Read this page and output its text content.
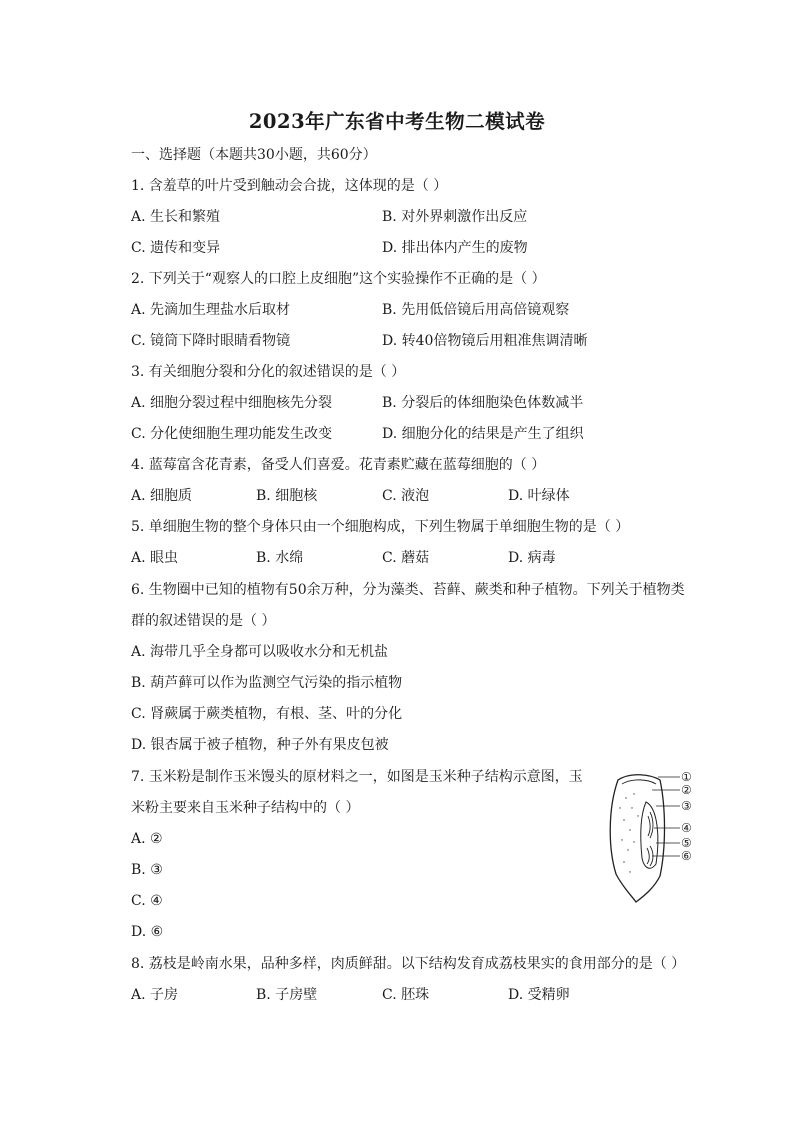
2023年广东省中考生物二模试卷
一、选择题（本题共30小题，共60分）
1. 含羞草的叶片受到触动会合拢，这体现的是（ ）
A. 生长和繁殖	B. 对外界刺激作出反应
C. 遗传和变异	D. 排出体内产生的废物
2. 下列关于“观察人的口腔上皮细胞”这个实验操作不正确的是（ ）
A. 先滴加生理盐水后取材	B. 先用低倍镜后用高倍镜观察
C. 镜筒下降时眼睛看物镜	D. 转40倍物镜后用粗准焦调清晰
3. 有关细胞分裂和分化的叙述错误的是（ ）
A. 细胞分裂过程中细胞核先分裂	B. 分裂后的体细胞染色体数减半
C. 分化使细胞生理功能发生改变	D. 细胞分化的结果是产生了组织
4. 蓝莓富含花青素，备受人们喜爱。花青素贮藏在蓝莓细胞的（ ）
A. 细胞质	B. 细胞核	C. 液泡	D. 叶绿体
5. 单细胞生物的整个身体只由一个细胞构成，下列生物属于单细胞生物的是（ ）
A. 眼虫	B. 水绵	C. 蘑菇	D. 病毒
6. 生物圈中已知的植物有50余万种，分为藻类、苔藓、蕨类和种子植物。下列关于植物类
群的叙述错误的是（ ）
A. 海带几乎全身都可以吸收水分和无机盐
B. 葫芦藓可以作为监测空气污染的指示植物
C. 肾蕨属于蕨类植物，有根、茎、叶的分化
D. 银杏属于被子植物，种子外有果皮包被
7. 玉米粉是制作玉米馒头的原材料之一，如图是玉米种子结构示意图，玉
米粉主要来自玉米种子结构中的（ ）
A. ②
B. ③
C. ④
D. ⑥
①
②
③
④
⑤
⑥
8. 荔枝是岭南水果，品种多样，肉质鲜甜。以下结构发育成荔枝果实的食用部分的是（ ）
A. 子房	B. 子房壁	C. 胚珠	D. 受精卵
